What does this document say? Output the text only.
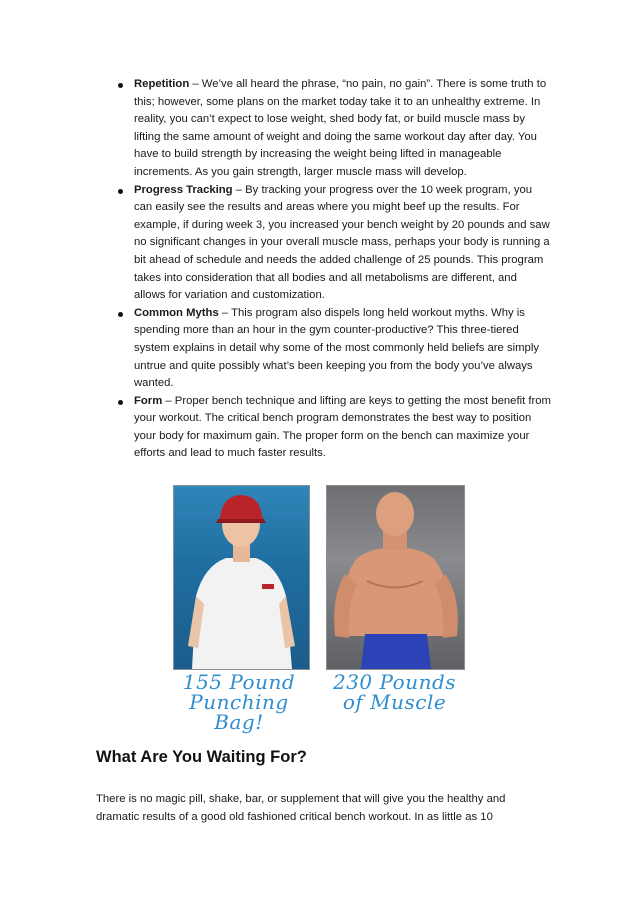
Repetition – We’ve all heard the phrase, “no pain, no gain”. There is some truth to this; however, some plans on the market today take it to an unhealthy extreme. In reality, you can’t expect to lose weight, shed body fat, or build muscle mass by lifting the same amount of weight and doing the same workout day after day. You have to build strength by increasing the weight being lifted in manageable increments. As you gain strength, larger muscle mass will develop.
Progress Tracking – By tracking your progress over the 10 week program, you can easily see the results and areas where you might beef up the results. For example, if during week 3, you increased your bench weight by 20 pounds and saw no significant changes in your overall muscle mass, perhaps your body is running a bit ahead of schedule and needs the added challenge of 25 pounds. This program takes into consideration that all bodies and all metabolisms are different, and allows for variation and customization.
Common Myths – This program also dispels long held workout myths. Why is spending more than an hour in the gym counter-productive? This three-tiered system explains in detail why some of the most commonly held beliefs are simply untrue and quite possibly what’s been keeping you from the body you’ve always wanted.
Form – Proper bench technique and lifting are keys to getting the most benefit from your workout. The critical bench program demonstrates the best way to position your body for maximum gain. The proper form on the bench can maximize your efforts and lead to much faster results.
155 Pound Punching Bag!
230 Pounds of Muscle
What Are You Waiting For?

There is no magic pill, shake, bar, or supplement that will give you the healthy and dramatic results of a good old fashioned critical bench workout. In as little as 10
